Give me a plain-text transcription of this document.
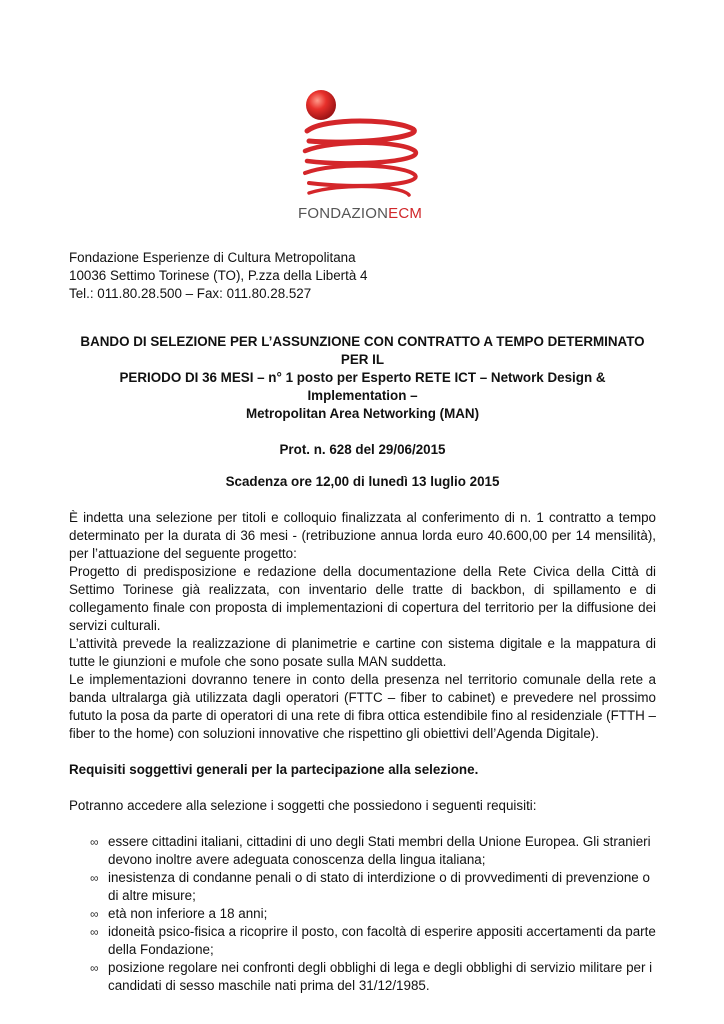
FONDAZIONECM

Fondazione Esperienze di Cultura Metropolitana

10036 Settimo Torinese (TO), P.zza della Libertà 4

Tel.: 011.80.28.500 – Fax: 011.80.28.527

BANDO DI SELEZIONE PER L’ASSUNZIONE CON CONTRATTO A TEMPO DETERMINATO PER IL

PERIODO DI 36 MESI – n° 1 posto per Esperto RETE ICT – Network Design & Implementation –

Metropolitan Area Networking (MAN)

Prot. n. 628 del 29/06/2015
Scadenza ore 12,00 di lunedì 13 luglio 2015

È indetta una selezione per titoli e colloquio finalizzata al conferimento di n. 1 contratto a tempo determinato per la durata di 36 mesi - (retribuzione annua lorda euro 40.600,00 per 14 mensilità), per l’attuazione del seguente progetto:

Progetto di predisposizione e redazione della documentazione della Rete Civica della Città di Settimo Torinese già realizzata, con inventario delle tratte di backbon, di spillamento e di collegamento finale con proposta di implementazioni di copertura del territorio per la diffusione dei servizi culturali.

L’attività prevede la realizzazione di planimetrie e cartine con sistema digitale e la mappatura di tutte le giunzioni e mufole che sono posate sulla MAN suddetta.

Le implementazioni dovranno tenere in conto della presenza nel territorio comunale della rete a banda ultralarga già utilizzata dagli operatori (FTTC – fiber to cabinet) e prevedere nel prossimo fututo la posa da parte di operatori di una rete di fibra ottica estendibile fino al residenziale (FTTH – fiber to the home) con soluzioni innovative che rispettino gli obiettivi dell’Agenda Digitale).

Requisiti soggettivi generali per la partecipazione alla selezione.
Potranno accedere alla selezione i soggetti che possiedono i seguenti requisiti:
∞ essere cittadini italiani, cittadini di uno degli Stati membri della Unione Europea. Gli stranieri devono inoltre avere adeguata conoscenza della lingua italiana;
∞ inesistenza di condanne penali o di stato di interdizione o di provvedimenti di prevenzione o di altre misure;
∞ età non inferiore a 18 anni;
∞ idoneità psico-fisica a ricoprire il posto, con facoltà di esperire appositi accertamenti da parte della Fondazione;
∞ posizione regolare nei confronti degli obblighi di lega e degli obblighi di servizio militare per i candidati di sesso maschile nati prima del 31/12/1985.
